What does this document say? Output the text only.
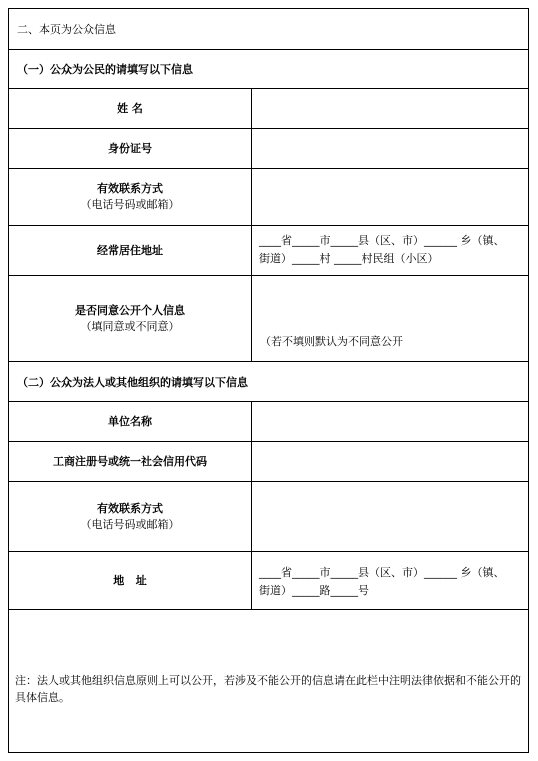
二、本页为公众信息
（一）公众为公民的请填写以下信息
姓 名
身份证号
有效联系方式
（电话号码或邮箱）
经常居住地址
____省_____市_____县（区、市）______ 乡（镇、
街道）_____村 _____村民组（小区）
是否同意公开个人信息
（填同意或不同意）
（若不填则默认为不同意公开
（二）公众为法人或其他组织的请填写以下信息
单位名称
工商注册号或统一社会信用代码
有效联系方式
（电话号码或邮箱）
地   址
____省_____市_____县（区、市）______ 乡（镇、
街道）_____路_____号
注：法人或其他组织信息原则上可以公开，若涉及不能公开的信息请在此栏中注明法律依据和不能公开的具体信息。
